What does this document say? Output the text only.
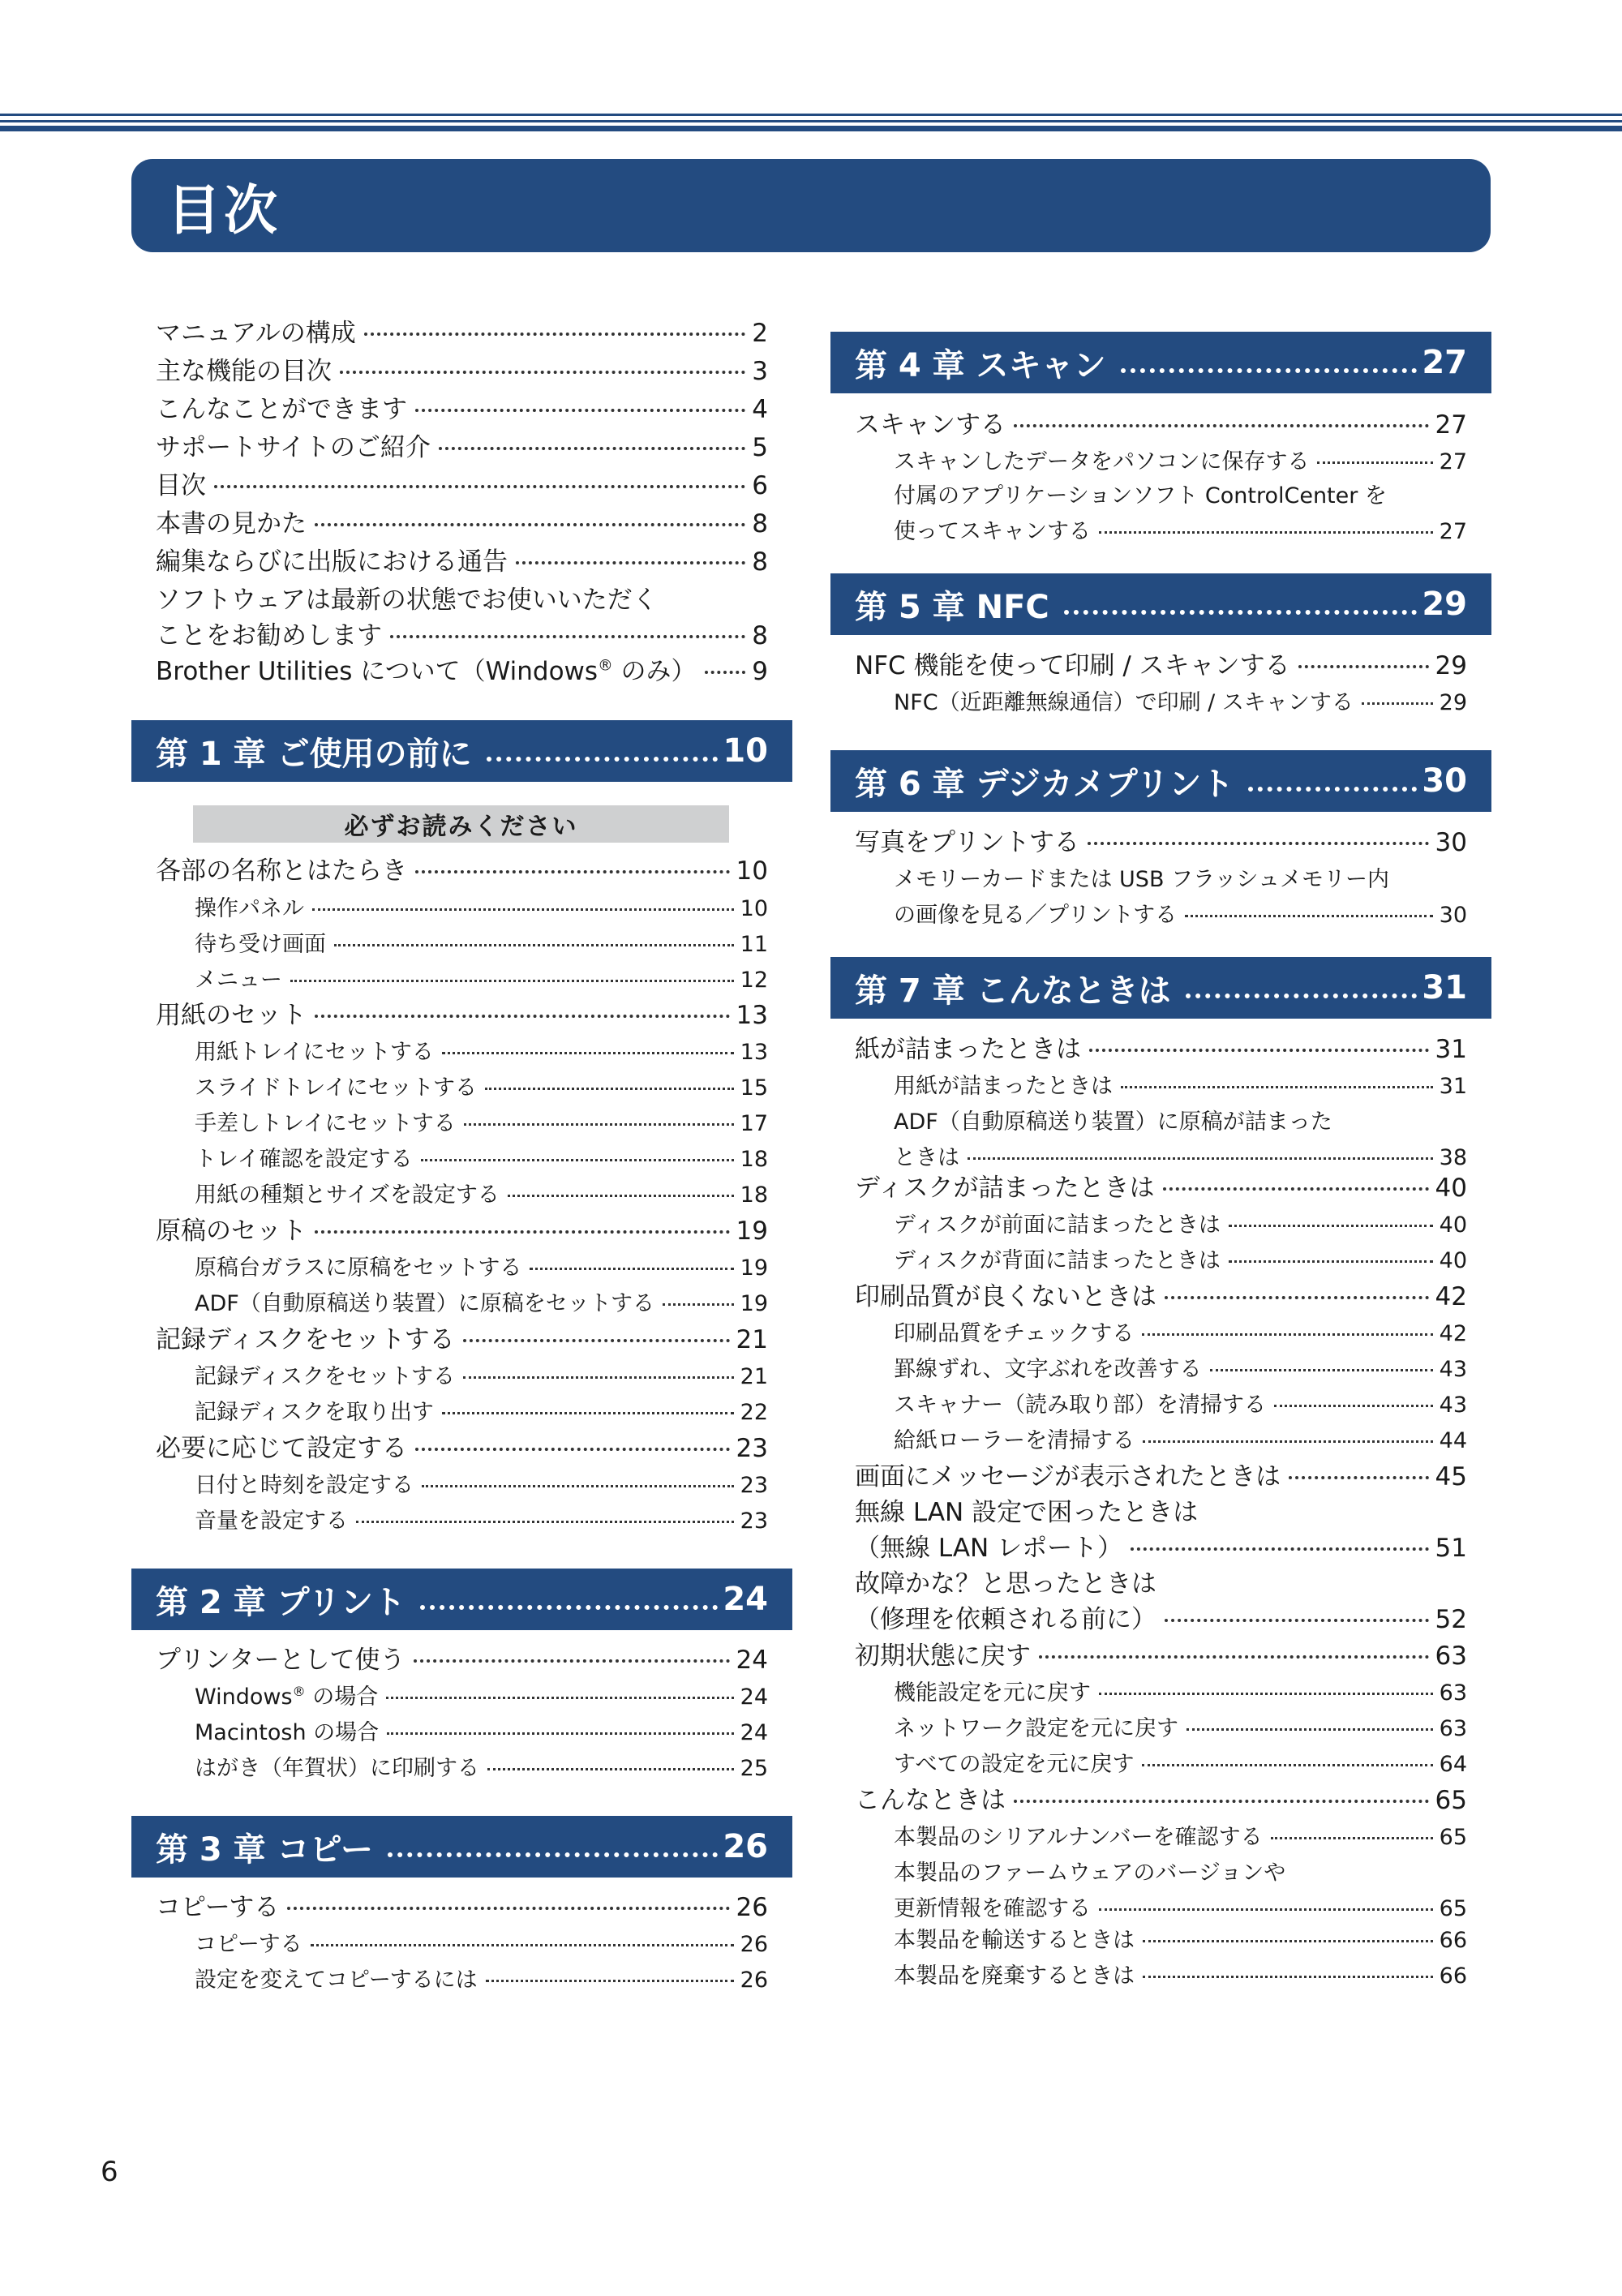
目次
マニュアルの構成	2
主な機能の目次	3
こんなことができます	4
サポートサイトのご紹介	5
目次	6
本書の見かた	8
編集ならびに出版における通告	8
ソフトウェアは最新の状態でお使いいただく
ことをお勧めします	8
Brother Utilities について（Windows® のみ） 9
第 1 章 ご使用の前に	10
必ずお読みください
各部の名称とはたらき	10
操作パネル	10
待ち受け画面	11
メニュー	12
用紙のセット	13
用紙トレイにセットする	13
スライドトレイにセットする	15
手差しトレイにセットする	17
トレイ確認を設定する	18
用紙の種類とサイズを設定する	18
原稿のセット	19
原稿台ガラスに原稿をセットする	19
ADF（自動原稿送り装置）に原稿をセットする	19
記録ディスクをセットする	21
記録ディスクをセットする	21
記録ディスクを取り出す	22
必要に応じて設定する	23
日付と時刻を設定する	23
音量を設定する	23
第 2 章 プリント	24
プリンターとして使う	24
Windows® の場合	24
Macintosh の場合	24
はがき（年賀状）に印刷する	25
第 3 章 コピー	26
コピーする	26
コピーする	26
設定を変えてコピーするには	26
第 4 章 スキャン	27
スキャンする	27
スキャンしたデータをパソコンに保存する	27
付属のアプリケーションソフト ControlCenter を
使ってスキャンする	27
第 5 章 NFC	29
NFC 機能を使って印刷 / スキャンする	29
NFC（近距離無線通信）で印刷 / スキャンする	29
第 6 章 デジカメプリント	30
写真をプリントする	30
メモリーカードまたは USB フラッシュメモリー内
の画像を見る／プリントする	30
第 7 章 こんなときは	31
紙が詰まったときは	31
用紙が詰まったときは	31
ADF（自動原稿送り装置）に原稿が詰まった
ときは	38
ディスクが詰まったときは	40
ディスクが前面に詰まったときは	40
ディスクが背面に詰まったときは	40
印刷品質が良くないときは	42
印刷品質をチェックする	42
罫線ずれ、文字ぶれを改善する	43
スキャナー（読み取り部）を清掃する	43
給紙ローラーを清掃する	44
画面にメッセージが表示されたときは	45
無線 LAN 設定で困ったときは
（無線 LAN レポート）	51
故障かな？と思ったときは
（修理を依頼される前に）	52
初期状態に戻す	63
機能設定を元に戻す	63
ネットワーク設定を元に戻す	63
すべての設定を元に戻す	64
こんなときは	65
本製品のシリアルナンバーを確認する	65
本製品のファームウェアのバージョンや
更新情報を確認する	65
本製品を輸送するときは	66
本製品を廃棄するときは	66
6
